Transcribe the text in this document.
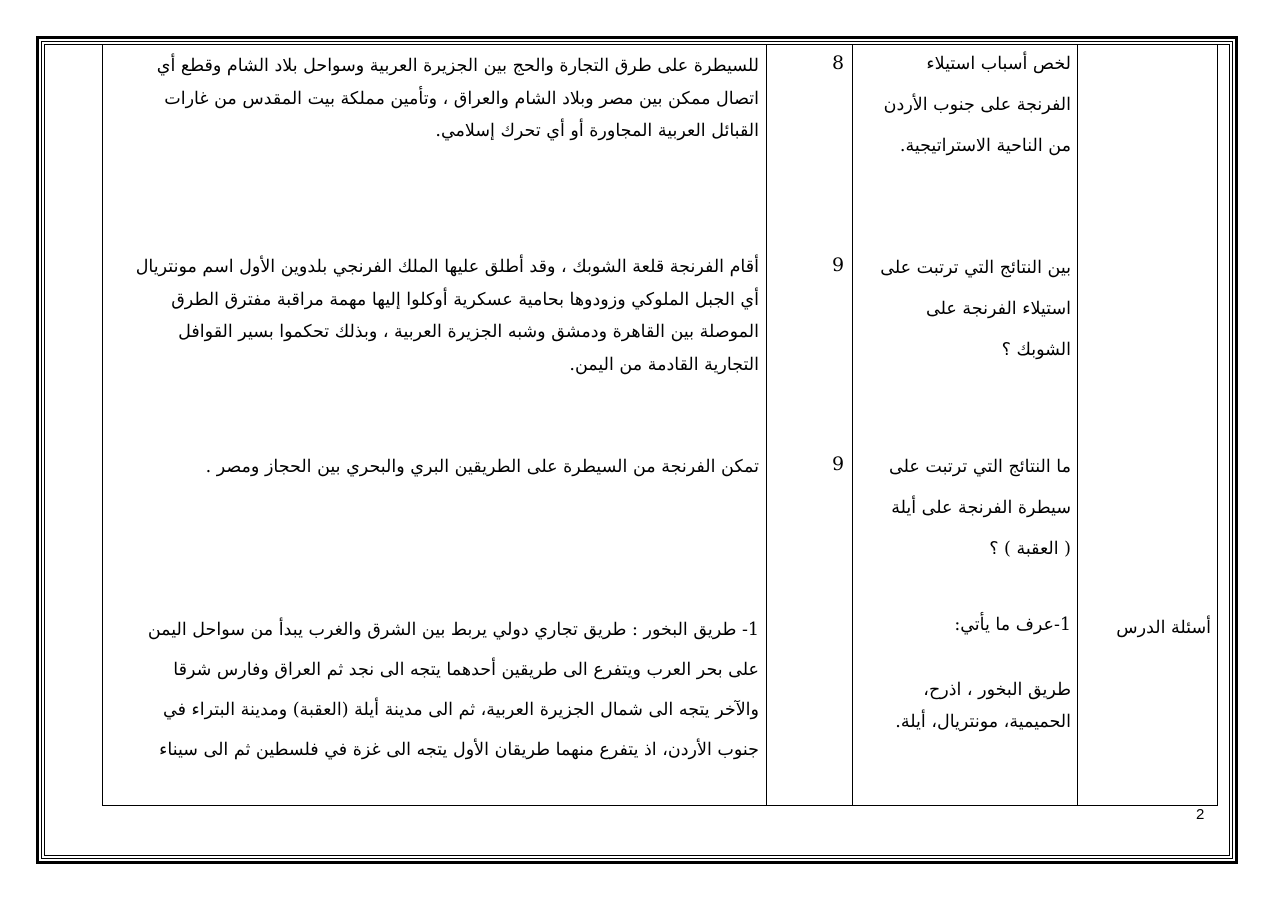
لخص أسباب استيلاء
الفرنجة على جنوب الأردن
من الناحية الاستراتيجية.
8
للسيطرة على طرق التجارة والحج بين الجزيرة العربية وسواحل بلاد الشام وقطع أي
اتصال ممكن بين مصر وبلاد الشام والعراق ، وتأمين مملكة بيت المقدس من غارات
القبائل العربية المجاورة أو أي تحرك إسلامي.
بين النتائج التي ترتبت على
استيلاء الفرنجة على
الشوبك ؟
9
أقام الفرنجة قلعة الشوبك ، وقد أطلق عليها الملك الفرنجي بلدوين الأول اسم مونتريال
أي الجبل الملوكي وزودوها بحامية عسكرية أوكلوا إليها مهمة مراقبة مفترق الطرق
الموصلة بين القاهرة ودمشق وشبه الجزيرة العربية ، وبذلك تحكموا بسير القوافل
التجارية القادمة من اليمن.
ما النتائج التي ترتبت على
سيطرة الفرنجة على أيلة
( العقبة ) ؟
9
تمكن الفرنجة من السيطرة على الطريقين البري والبحري بين الحجاز ومصر .
أسئلة الدرس
1-عرف ما يأتي:
طريق البخور ، اذرح،
الحميمية، مونتريال، أيلة.
1- طريق البخور : طريق تجاري دولي يربط بين الشرق والغرب يبدأ من سواحل اليمن
على بحر العرب ويتفرع الى طريقين أحدهما يتجه الى نجد ثم العراق وفارس شرقا
والآخر يتجه الى شمال الجزيرة العربية، ثم الى مدينة أيلة (العقبة) ومدينة البتراء في
جنوب الأردن، اذ يتفرع منهما طريقان الأول يتجه الى غزة في فلسطين ثم الى سيناء
2
